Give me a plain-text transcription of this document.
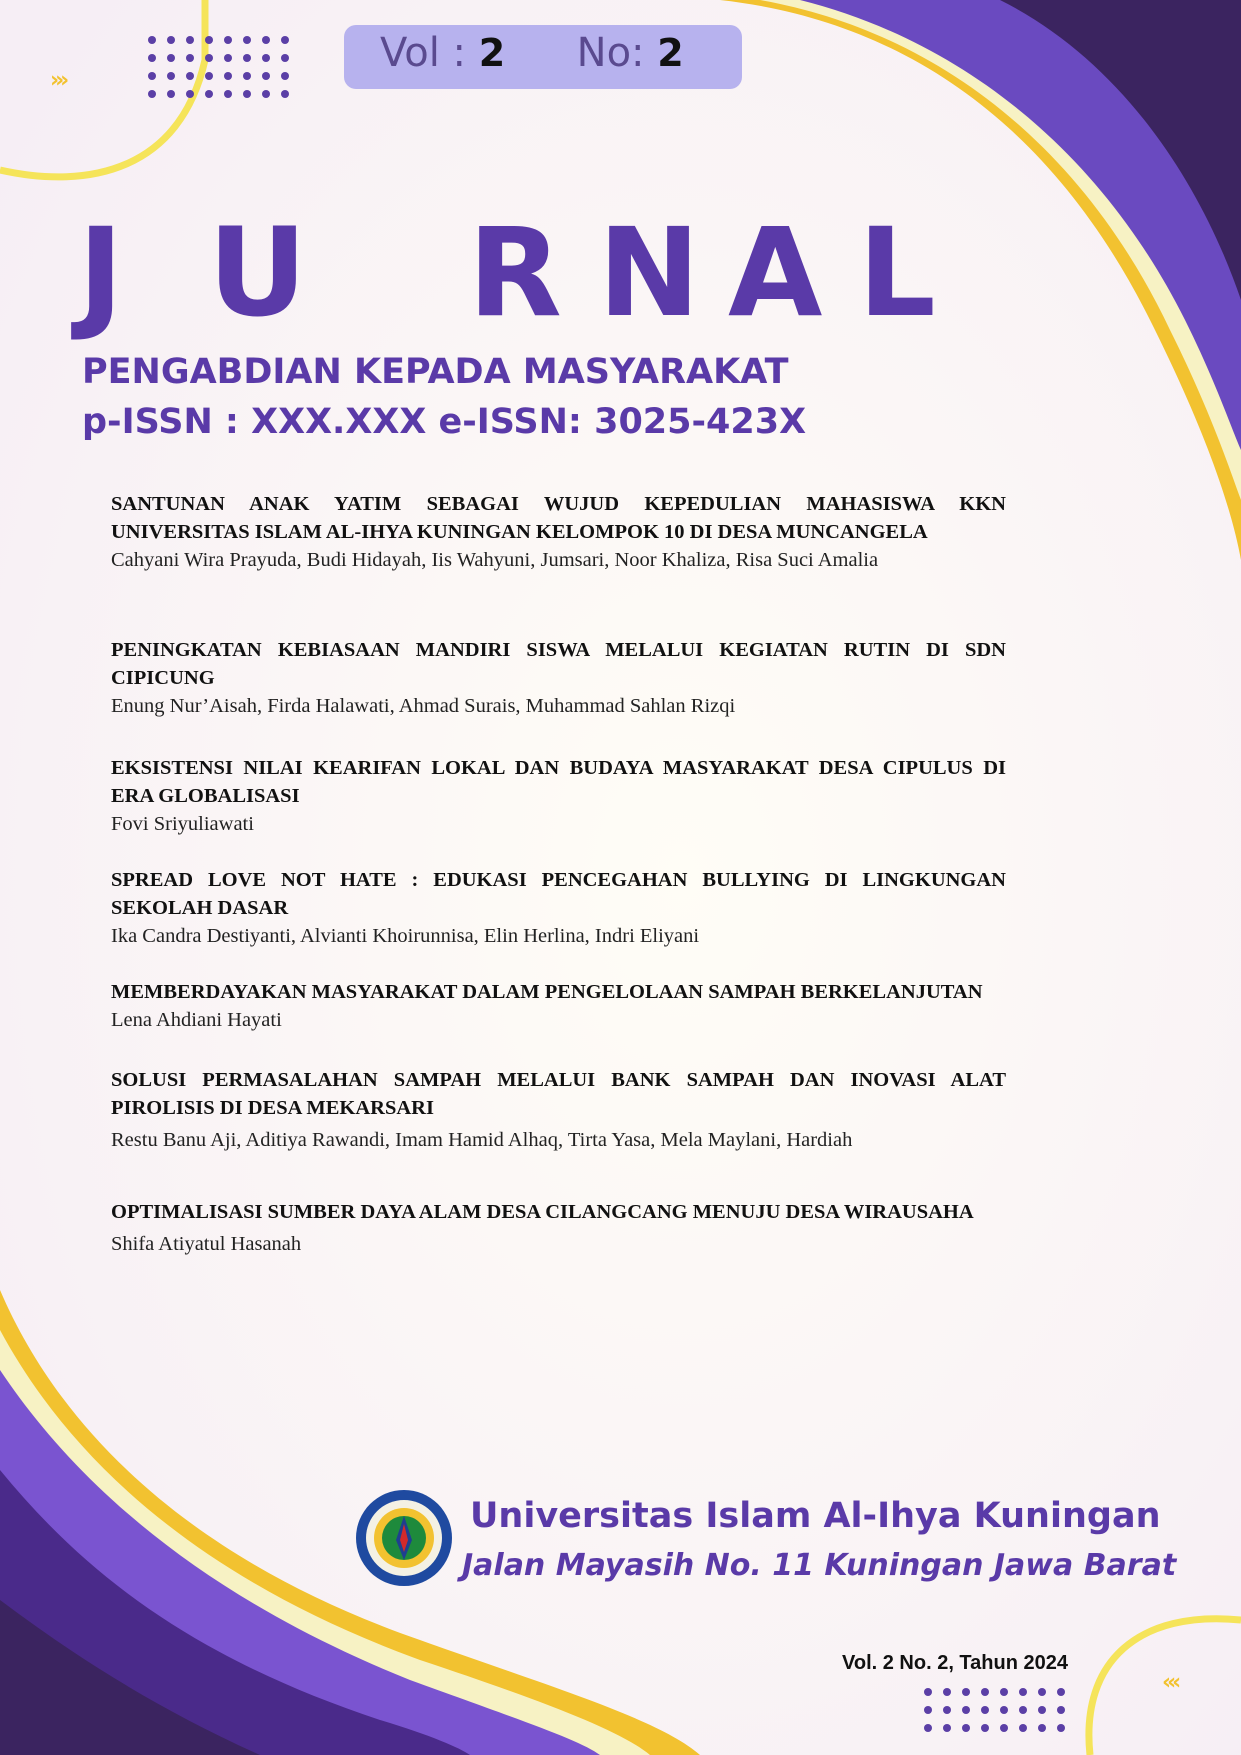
›››
Vol : 2 No: 2
J U R N A L
PENGABDIAN KEPADA MASYARAKAT
p-ISSN : XXX.XXX e-ISSN: 3025-423X
SANTUNAN ANAK YATIM SEBAGAI WUJUD KEPEDULIAN MAHASISWA KKN UNIVERSITAS ISLAM AL-IHYA KUNINGAN KELOMPOK 10 DI DESA MUNCANGELA
Cahyani Wira Prayuda, Budi Hidayah, Iis Wahyuni, Jumsari, Noor Khaliza, Risa Suci Amalia
PENINGKATAN KEBIASAAN MANDIRI SISWA MELALUI KEGIATAN RUTIN DI SDN CIPICUNG
Enung Nur’Aisah, Firda Halawati, Ahmad Surais, Muhammad Sahlan Rizqi
EKSISTENSI NILAI KEARIFAN LOKAL DAN BUDAYA MASYARAKAT DESA CIPULUS DI ERA GLOBALISASI
Fovi Sriyuliawati
SPREAD LOVE NOT HATE : EDUKASI PENCEGAHAN BULLYING DI LINGKUNGAN SEKOLAH DASAR
Ika Candra Destiyanti, Alvianti Khoirunnisa, Elin Herlina, Indri Eliyani
MEMBERDAYAKAN MASYARAKAT DALAM PENGELOLAAN SAMPAH BERKELANJUTAN
Lena Ahdiani Hayati
SOLUSI PERMASALAHAN SAMPAH MELALUI BANK SAMPAH DAN INOVASI ALAT PIROLISIS DI DESA MEKARSARI
Restu Banu Aji, Aditiya Rawandi, Imam Hamid Alhaq, Tirta Yasa, Mela Maylani, Hardiah
OPTIMALISASI SUMBER DAYA ALAM DESA CILANGCANG MENUJU DESA WIRAUSAHA
Shifa Atiyatul Hasanah
Universitas Islam Al-Ihya Kuningan
Jalan Mayasih No. 11 Kuningan Jawa Barat
Vol. 2 No. 2, Tahun 2024
‹‹‹
